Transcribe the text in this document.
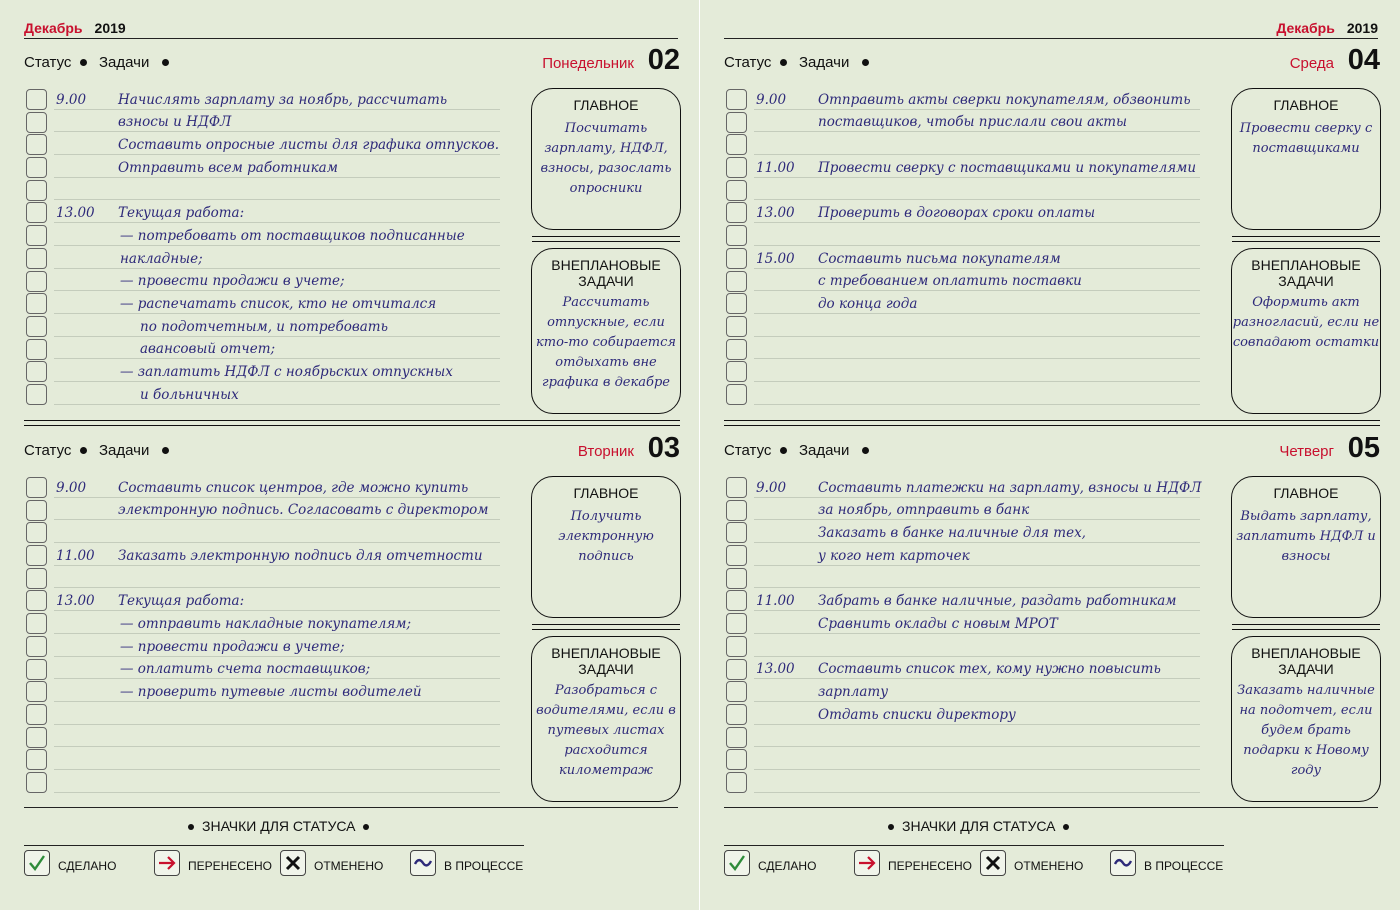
Декабрь 2019
Статус Задачи	Понедельник 02
9.00 Начислять зарплату за ноябрь, рассчитать
взносы и НДФЛ
Составить опросные листы для графика отпусков.
Отправить всем работникам
13.00 Текущая работа:
— потребовать от поставщиков подписанные
накладные;
— провести продажи в учете;
— распечатать список, кто не отчитался
по подотчетным, и потребовать
авансовый отчет;
— заплатить НДФЛ с ноябрьских отпускных
и больничных
ГЛАВНОЕ
Посчитать зарплату, НДФЛ, взносы, разослать опросники
ВНЕПЛАНОВЫЕ ЗАДАЧИ
Рассчитать отпускные, если кто-то собирается отдыхать вне графика в декабре
Статус Задачи	Вторник 03
9.00 Составить список центров, где можно купить
электронную подпись. Согласовать с директором
11.00 Заказать электронную подпись для отчетности
13.00 Текущая работа:
— отправить накладные покупателям;
— провести продажи в учете;
— оплатить счета поставщиков;
— проверить путевые листы водителей
ГЛАВНОЕ
Получить электронную подпись
ВНЕПЛАНОВЫЕ ЗАДАЧИ
Разобраться с водителями, если в путевых листах расходится километраж
ЗНАЧКИ ДЛЯ СТАТУСА
СДЕЛАНО	ПЕРЕНЕСЕНО	ОТМЕНЕНО	В ПРОЦЕССЕ
Декабрь 2019
Статус Задачи	Среда 04
9.00 Отправить акты сверки покупателям, обзвонить
поставщиков, чтобы прислали свои акты
11.00 Провести сверку с поставщиками и покупателями
13.00 Проверить в договорах сроки оплаты
15.00 Составить письма покупателям
с требованием оплатить поставки
до конца года
ГЛАВНОЕ
Провести сверку с поставщиками
ВНЕПЛАНОВЫЕ ЗАДАЧИ
Оформить акт разногласий, если не совпадают остатки
Статус Задачи	Четверг 05
9.00 Составить платежки на зарплату, взносы и НДФЛ
за ноябрь, отправить в банк
Заказать в банке наличные для тех,
у кого нет карточек
11.00 Забрать в банке наличные, раздать работникам
Сравнить оклады с новым МРОТ
13.00 Составить список тех, кому нужно повысить
зарплату
Отдать списки директору
ГЛАВНОЕ
Выдать зарплату, заплатить НДФЛ и взносы
ВНЕПЛАНОВЫЕ ЗАДАЧИ
Заказать наличные на подотчет, если будем брать подарки к Новому году
ЗНАЧКИ ДЛЯ СТАТУСА
СДЕЛАНО	ПЕРЕНЕСЕНО	ОТМЕНЕНО	В ПРОЦЕССЕ
